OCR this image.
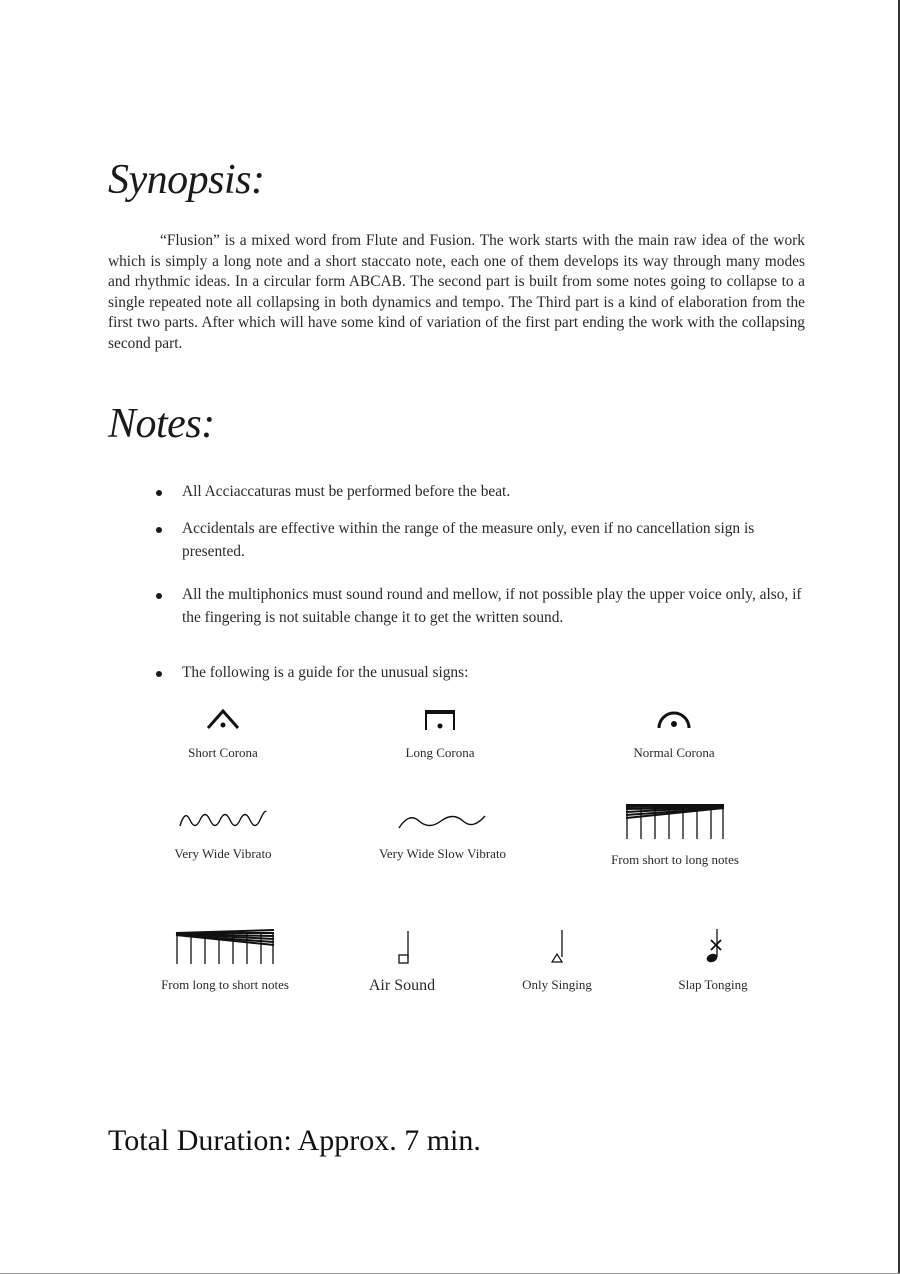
Synopsis:

“Flusion” is a mixed word from Flute and Fusion. The work starts with the main raw idea of the work which is simply a long note and a short staccato note, each one of them develops its way through many modes and rhythmic ideas. In a circular form ABCAB. The second part is built from some notes going to collapse to a single repeated note all collapsing in both dynamics and tempo. The Third part is a kind of elaboration from the first two parts. After which will have some kind of variation of the first part ending the work with the collapsing second part.

Notes:
All Acciaccaturas must be performed before the beat.
Accidentals are effective within the range of the measure only, even if no cancellation sign is presented.
All the multiphonics must sound round and mellow, if not possible play the upper voice only, also, if the fingering is not suitable change it to get the written sound.
The following is a guide for the unusual signs:
Short Corona	Long Corona	Normal Corona
Very Wide Vibrato	Very Wide Slow Vibrato	From short to long notes
From long to short notes	Air Sound	Only Singing	Slap Tonging
Total Duration: Approx. 7 min.
